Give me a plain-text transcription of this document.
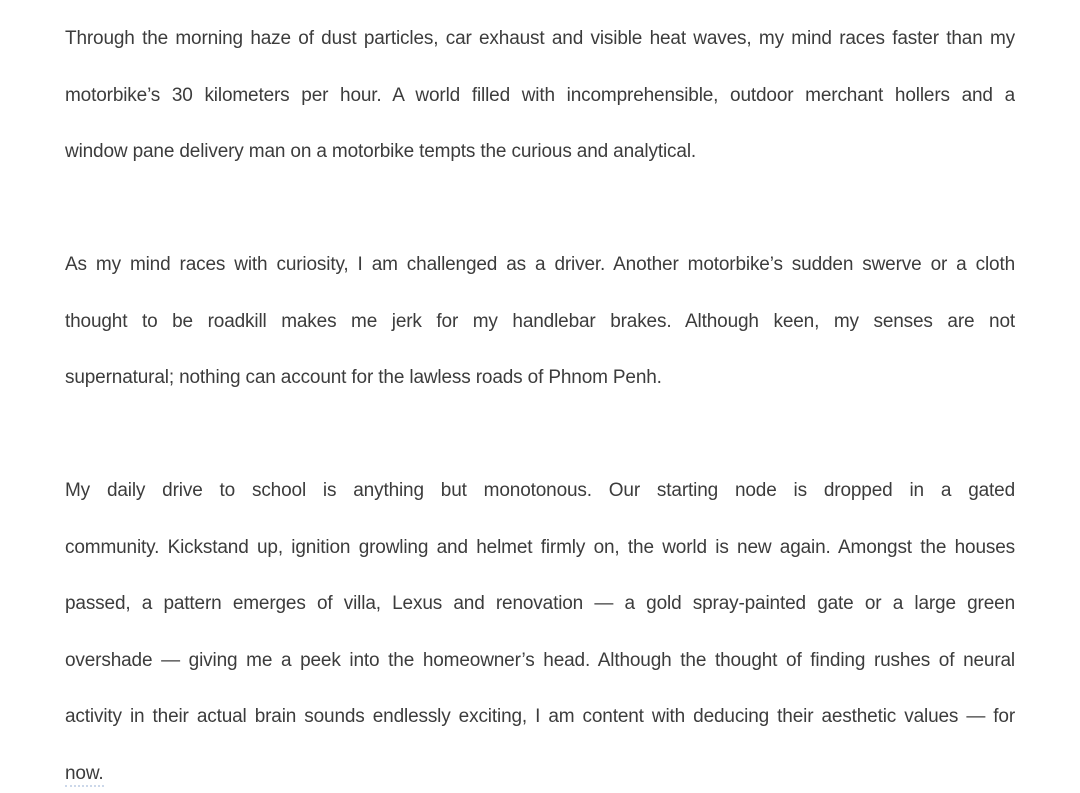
Through the morning haze of dust particles, car exhaust and visible heat waves, my mind races faster than my
motorbike’s 30 kilometers per hour. A world filled with incomprehensible, outdoor merchant hollers and a
window pane delivery man on a motorbike tempts the curious and analytical.
As my mind races with curiosity, I am challenged as a driver. Another motorbike’s sudden swerve or a cloth
thought to be roadkill makes me jerk for my handlebar brakes. Although keen, my senses are not
supernatural; nothing can account for the lawless roads of Phnom Penh.
My daily drive to school is anything but monotonous. Our starting node is dropped in a gated
community. Kickstand up, ignition growling and helmet firmly on, the world is new again. Amongst the houses
passed, a pattern emerges of villa, Lexus and renovation — a gold spray-painted gate or a large green
overshade — giving me a peek into the homeowner’s head. Although the thought of finding rushes of neural
activity in their actual brain sounds endlessly exciting, I am content with deducing their aesthetic values — for
now.
